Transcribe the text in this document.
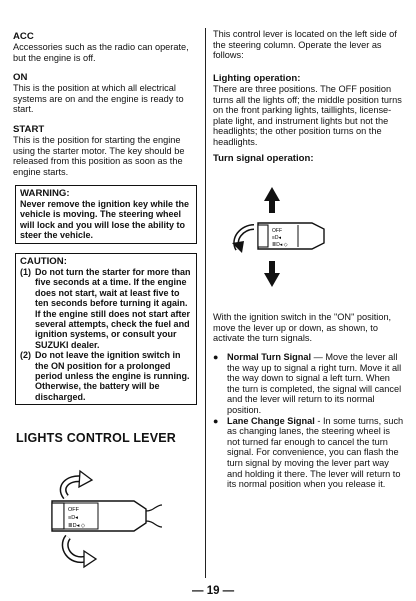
ACC
Accessories such as the radio can operate, but the engine is off.
ON
This is the position at which all electrical systems are on and the engine is ready to start.
START
This is the position for starting the engine using the starter motor. The key should be released from this position as soon as the engine starts.
WARNING:
Never remove the ignition key while the vehicle is moving. The steering wheel will lock and you will lose the ability to steer the vehicle.
CAUTION:
(1) Do not turn the starter for more than five seconds at a time. If the engine does not start, wait at least five to ten seconds before turning it again. If the engine still does not start after several attempts, check the fuel and ignition systems, or consult your SUZUKI dealer.
(2) Do not leave the ignition switch in the ON position for a prolonged period unless the engine is running. Otherwise, the battery will be discharged.
LIGHTS CONTROL LEVER
OFF
≡D◂
≣D◂ ◇
This control lever is located on the left side of the steering column. Operate the lever as follows:
Lighting operation:
There are three positions. The OFF position turns all the lights off; the middle position turns on the front parking lights, taillights, license-plate light, and instrument lights but not the headlights; the other position turns on the headlights.
Turn signal operation:
With the ignition switch in the "ON" position, move the lever up or down, as shown, to activate the turn signals.
● Normal Turn Signal — Move the lever all the way up to signal a right turn. Move it all the way down to signal a left turn. When the turn is completed, the signal will cancel and the lever will return to its normal position.
● Lane Change Signal - In some turns, such as changing lanes, the steering wheel is not turned far enough to cancel the turn signal. For convenience, you can flash the turn signal by moving the lever part way and holding it there. The lever will return to its normal position when you release it.
OFF
≡D◂
≣D◂ ◇
— 19 —
